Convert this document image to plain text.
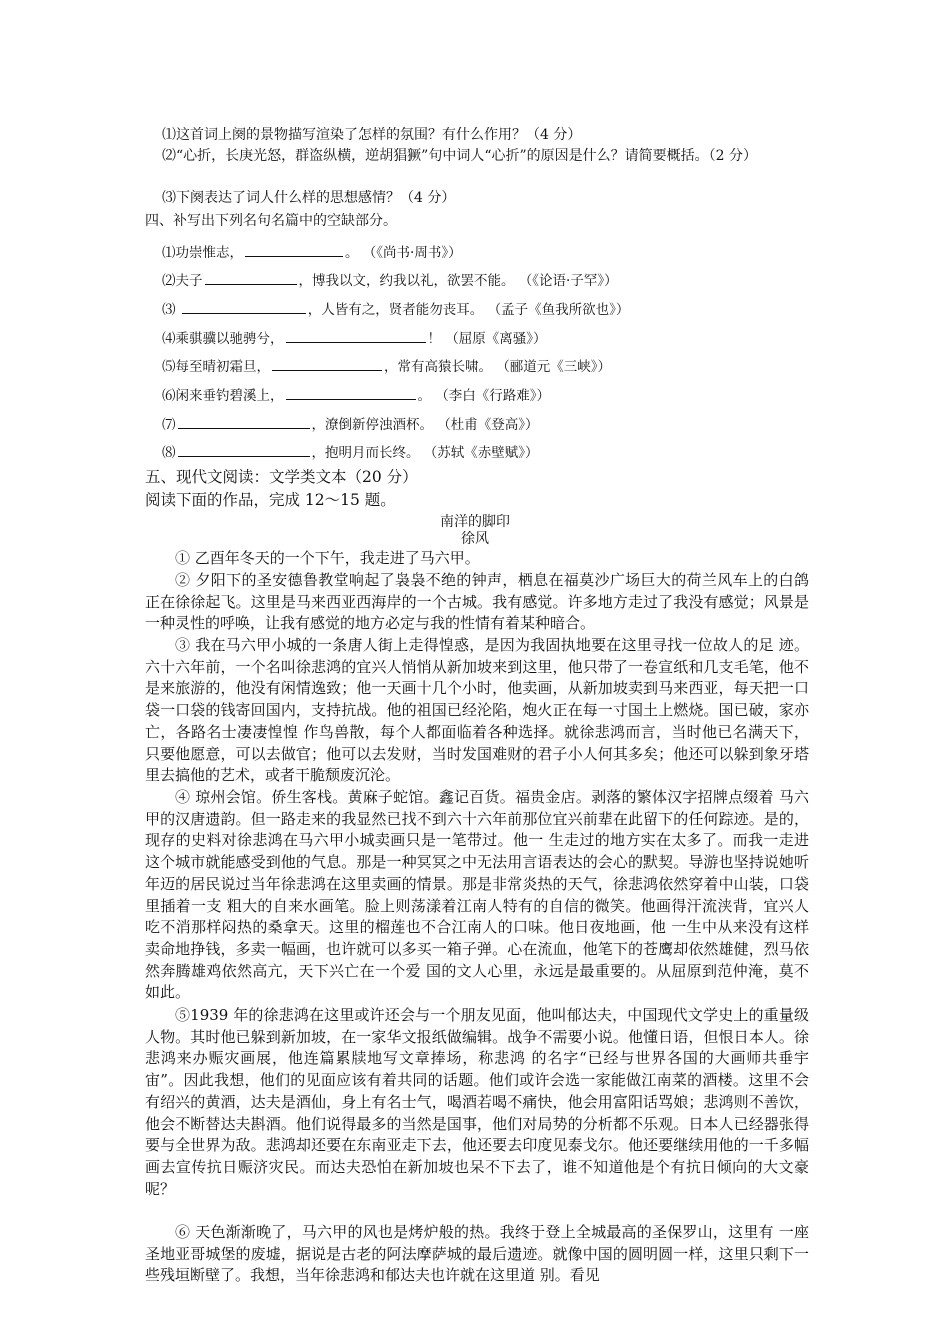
⑴这首词上阕的景物描写渲染了怎样的氛围？有什么作用？（4 分）

⑵“心折，长庚光怒，群盗纵横，逆胡猖獗”句中词人“心折”的原因是什么？请简要概括。（2 分）

⑶下阕表达了词人什么样的思想感情？（4 分）

四、补写出下列名句名篇中的空缺部分。

⑴功崇惟志，	。 （《尚书·周书》）

⑵夫子	，博我以文，约我以礼，欲罢不能。 （《论语·子罕》）

⑶	，人皆有之，贤者能勿丧耳。 （孟子《鱼我所欲也》）

⑷乘骐骥以驰骋兮，	！ （屈原《离骚》）

⑸每至晴初霜旦，	，常有高猿长啸。 （郦道元《三峡》）

⑹闲来垂钓碧溪上，	。 （李白《行路难》）

⑺	，潦倒新停浊酒杯。 （杜甫《登高》）

⑻	，抱明月而长终。 （苏轼《赤壁赋》）

五、现代文阅读：文学类文本（20 分）

阅读下面的作品，完成 12～15 题。

南洋的脚印

徐风

① 乙酉年冬天的一个下午，我走进了马六甲。

② 夕阳下的圣安德鲁教堂响起了袅袅不绝的钟声，栖息在福莫沙广场巨大的荷兰风车上的白鸽正在徐徐起飞。这里是马来西亚西海岸的一个古城。我有感觉。许多地方走过了我没有感觉；风景是一种灵性的呼唤，让我有感觉的地方必定与我的性情有着某种暗合。

③ 我在马六甲小城的一条唐人街上走得惶惑，是因为我固执地要在这里寻找一位故人的足 迹。六十六年前，一个名叫徐悲鸿的宜兴人悄悄从新加坡来到这里，他只带了一卷宣纸和几支毛笔，他不是来旅游的，他没有闲情逸致；他一天画十几个小时，他卖画，从新加坡卖到马来西亚，每天把一口袋一口袋的钱寄回国内，支持抗战。他的祖国已经沦陷，炮火正在每一寸国土上燃烧。国已破，家亦亡，各路名士凄凄惶惶 作鸟兽散，每个人都面临着各种选择。就徐悲鸿而言，当时他已名满天下，只要他愿意，可以去做官；他可以去发财，当时发国难财的君子小人何其多矣；他还可以躲到象牙塔里去搞他的艺术，或者干脆颓废沉沦。

④ 琼州会馆。侨生客栈。黄麻子蛇馆。鑫记百货。福贵金店。剥落的繁体汉字招牌点缀着 马六甲的汉唐遗韵。但一路走来的我显然已找不到六十六年前那位宜兴前辈在此留下的任何踪迹。是的，现存的史料对徐悲鸿在马六甲小城卖画只是一笔带过。他一 生走过的地方实在太多了。而我一走进这个城市就能感受到他的气息。那是一种冥冥之中无法用言语表达的会心的默契。导游也坚持说她听年迈的居民说过当年徐悲鸿在这里卖画的情景。那是非常炎热的天气，徐悲鸿依然穿着中山装，口袋里插着一支 粗大的自来水画笔。脸上则荡漾着江南人特有的自信的微笑。他画得汗流浃背，宜兴人吃不消那样闷热的桑拿天。这里的榴莲也不合江南人的口味。他日夜地画，他 一生中从来没有这样卖命地挣钱，多卖一幅画，也许就可以多买一箱子弹。心在流血，他笔下的苍鹰却依然雄健，烈马依然奔腾雄鸡依然高亢，天下兴亡在一个爱 国的文人心里，永远是最重要的。从屈原到范仲淹，莫不如此。

⑤1939 年的徐悲鸿在这里或许还会与一个朋友见面，他叫郁达夫，中国现代文学史上的重量级人物。其时他已躲到新加坡，在一家华文报纸做编辑。战争不需要小说。他懂日语，但恨日本人。徐悲鸿来办赈灾画展，他连篇累牍地写文章捧场，称悲鸿 的名字“已经与世界各国的大画师共垂宇宙”。因此我想，他们的见面应该有着共同的话题。他们或许会选一家能做江南菜的酒楼。这里不会有绍兴的黄酒，达夫是酒仙，身上有名士气，喝酒若喝不痛快，他会用富阳话骂娘；悲鸿则不善饮，他会不断替达夫斟酒。他们说得最多的当然是国事，他们对局势的分析都不乐观。日本人已经器张得要与全世界为敌。悲鸿却还要在东南亚走下去，他还要去印度见泰戈尔。他还要继续用他的一千多幅画去宣传抗日赈济灾民。而达夫恐怕在新加坡也呆不下去了，谁不知道他是个有抗日倾向的大文豪呢？

⑥ 天色渐渐晚了，马六甲的风也是烤炉般的热。我终于登上全城最高的圣保罗山，这里有 一座圣地亚哥城堡的废墟，据说是古老的阿法摩萨城的最后遗迹。就像中国的圆明圆一样，这里只剩下一些残垣断壁了。我想，当年徐悲鸿和郁达夫也许就在这里道 别。看见
